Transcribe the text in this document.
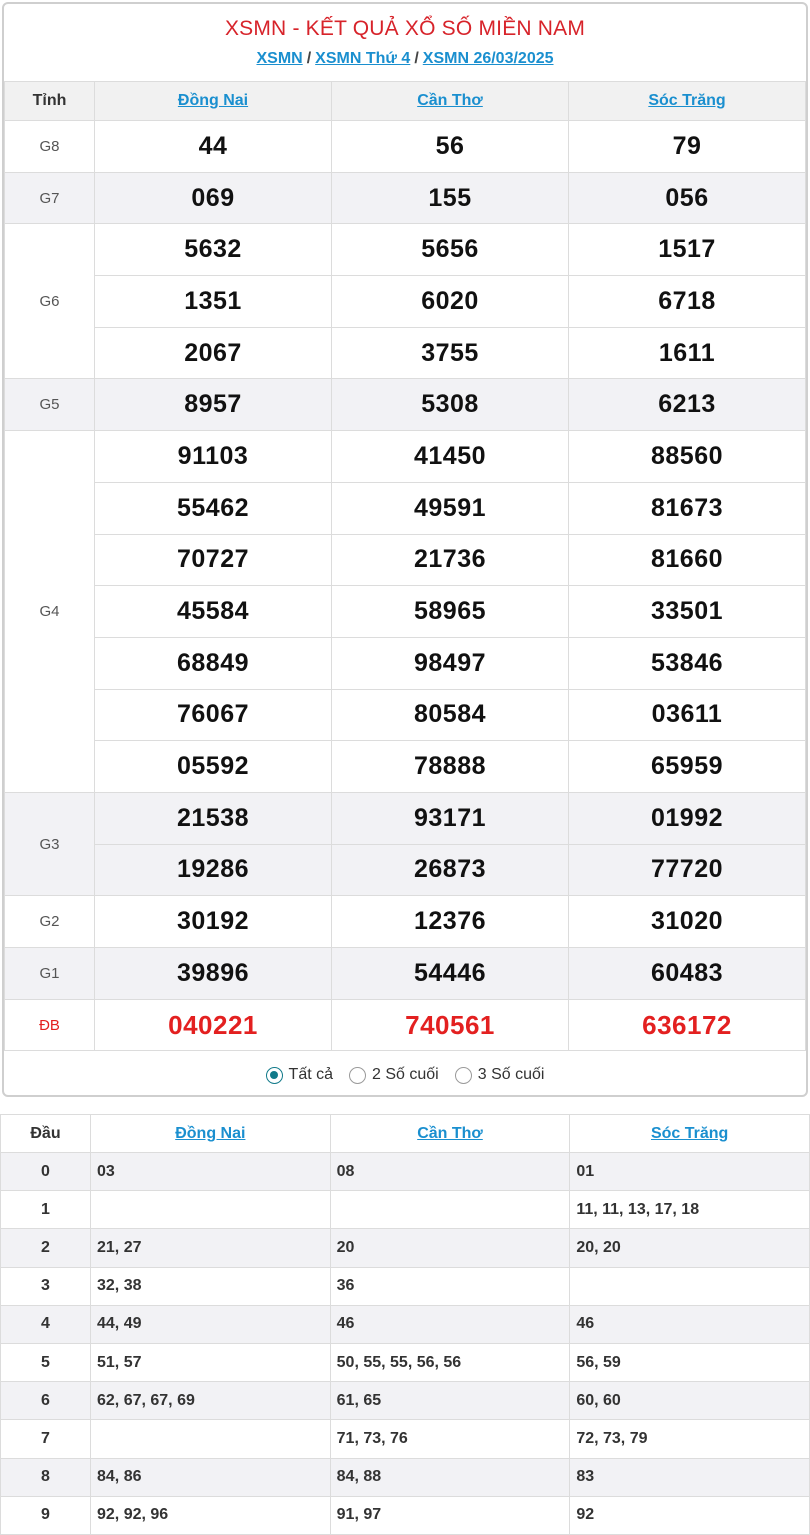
XSMN - KẾT QUẢ XỔ SỐ MIỀN NAM
XSMN / XSMN Thứ 4 / XSMN 26/03/2025
Tỉnh	Đồng Nai	Cần Thơ	Sóc Trăng
G8	44	56	79
G7	069	155	056
G6	5632	5656	1517
	1351	6020	6718
	2067	3755	1611
G5	8957	5308	6213
G4	91103	41450	88560
	55462	49591	81673
	70727	21736	81660
	45584	58965	33501
	68849	98497	53846
	76067	80584	03611
	05592	78888	65959
G3	21538	93171	01992
	19286	26873	77720
G2	30192	12376	31020
G1	39896	54446	60483
ĐB	040221	740561	636172
Tất cả 2 Số cuối 3 Số cuối
Đầu	Đồng Nai	Cần Thơ	Sóc Trăng
0	03	08	01
1			11, 11, 13, 17, 18
2	21, 27	20	20, 20
3	32, 38	36	
4	44, 49	46	46
5	51, 57	50, 55, 55, 56, 56	56, 59
6	62, 67, 67, 69	61, 65	60, 60
7		71, 73, 76	72, 73, 79
8	84, 86	84, 88	83
9	92, 92, 96	91, 97	92
